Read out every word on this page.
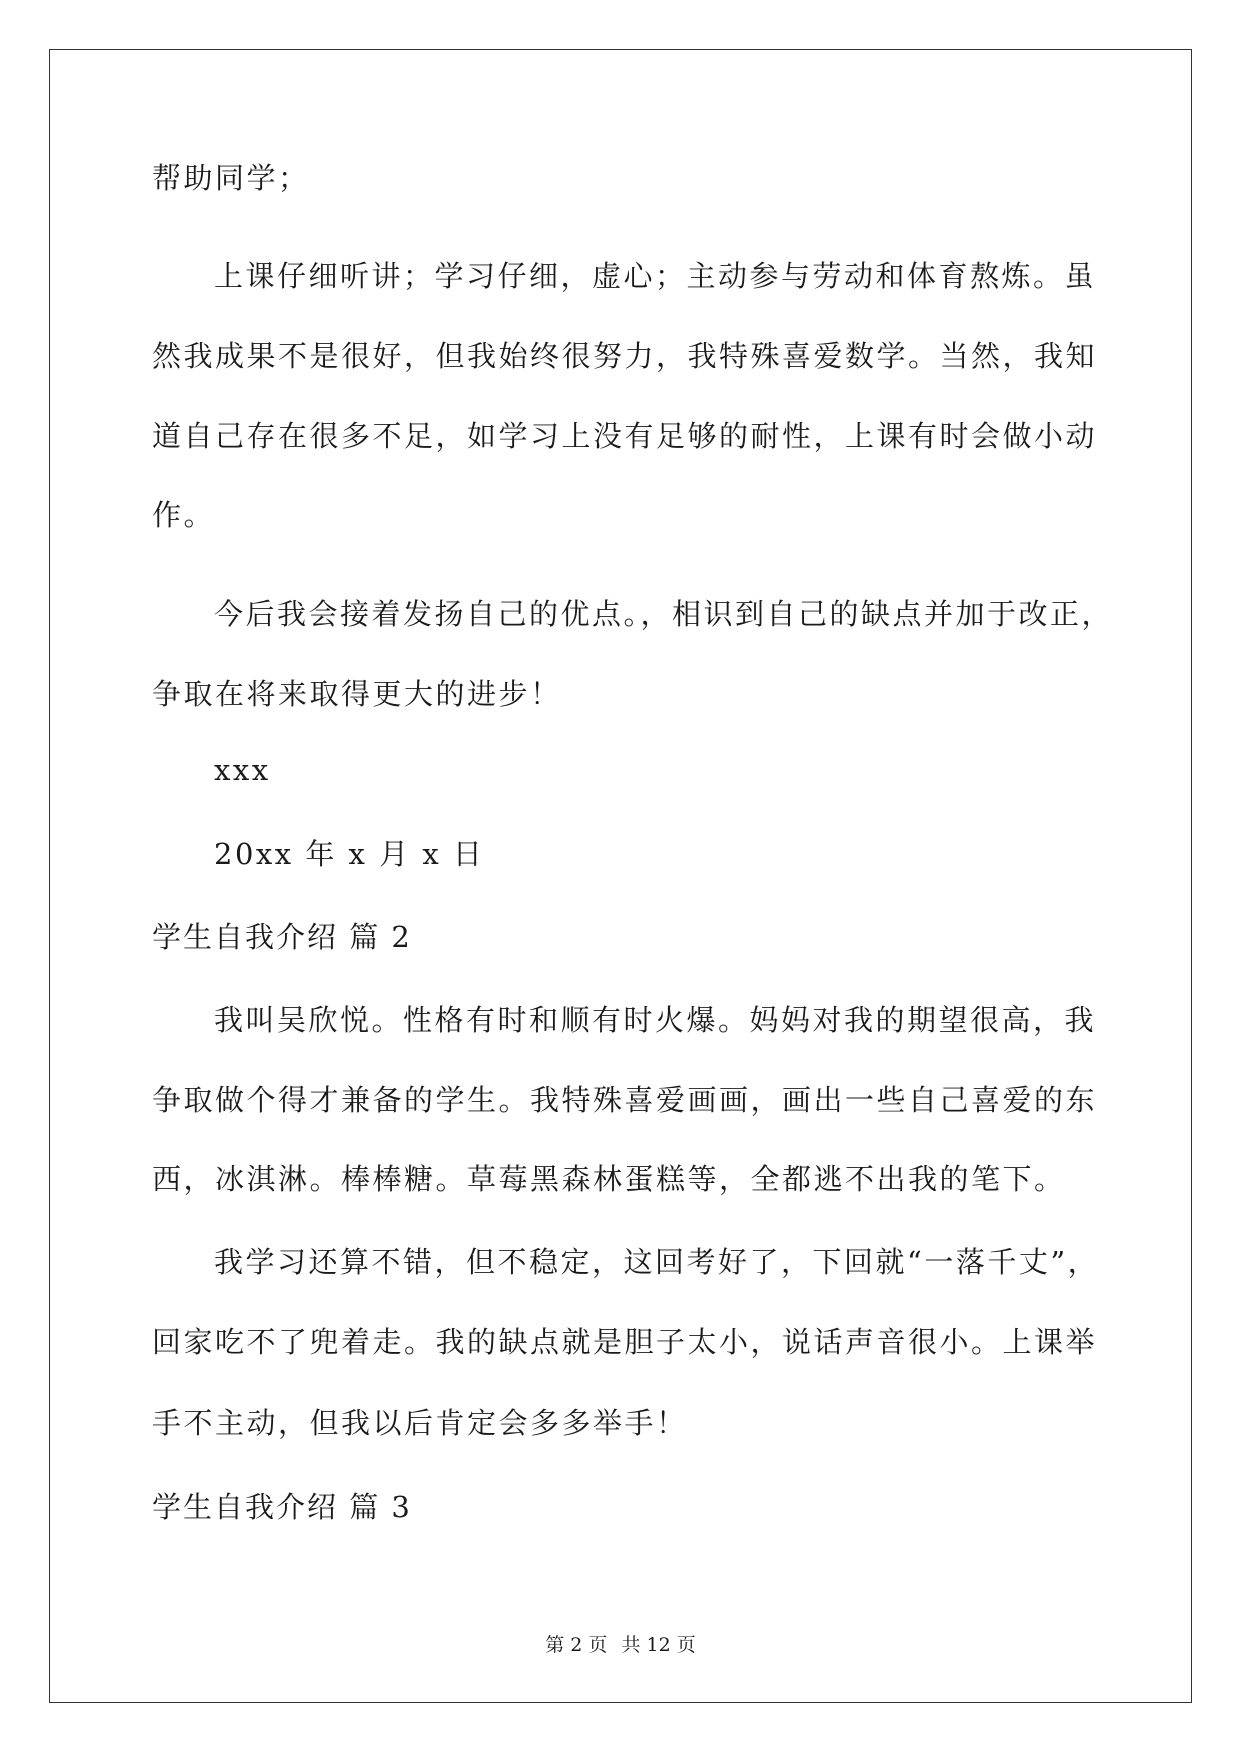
帮助同学；
上课仔细听讲；学习仔细，虚心；主动参与劳动和体育熬炼。虽
然我成果不是很好，但我始终很努力，我特殊喜爱数学。当然，我知
道自己存在很多不足，如学习上没有足够的耐性，上课有时会做小动
作。
今后我会接着发扬自己的优点。，相识到自己的缺点并加于改正，
争取在将来取得更大的进步！
xxx
20xx 年 x 月 x 日
学生自我介绍 篇 2
我叫吴欣悦。性格有时和顺有时火爆。妈妈对我的期望很高，我
争取做个得才兼备的学生。我特殊喜爱画画，画出一些自己喜爱的东
西，冰淇淋。棒棒糖。草莓黑森林蛋糕等，全都逃不出我的笔下。
我学习还算不错，但不稳定，这回考好了，下回就“一落千丈”，
回家吃不了兜着走。我的缺点就是胆子太小，说话声音很小。上课举
手不主动，但我以后肯定会多多举手！
学生自我介绍 篇 3
第 2 页 共 12 页
